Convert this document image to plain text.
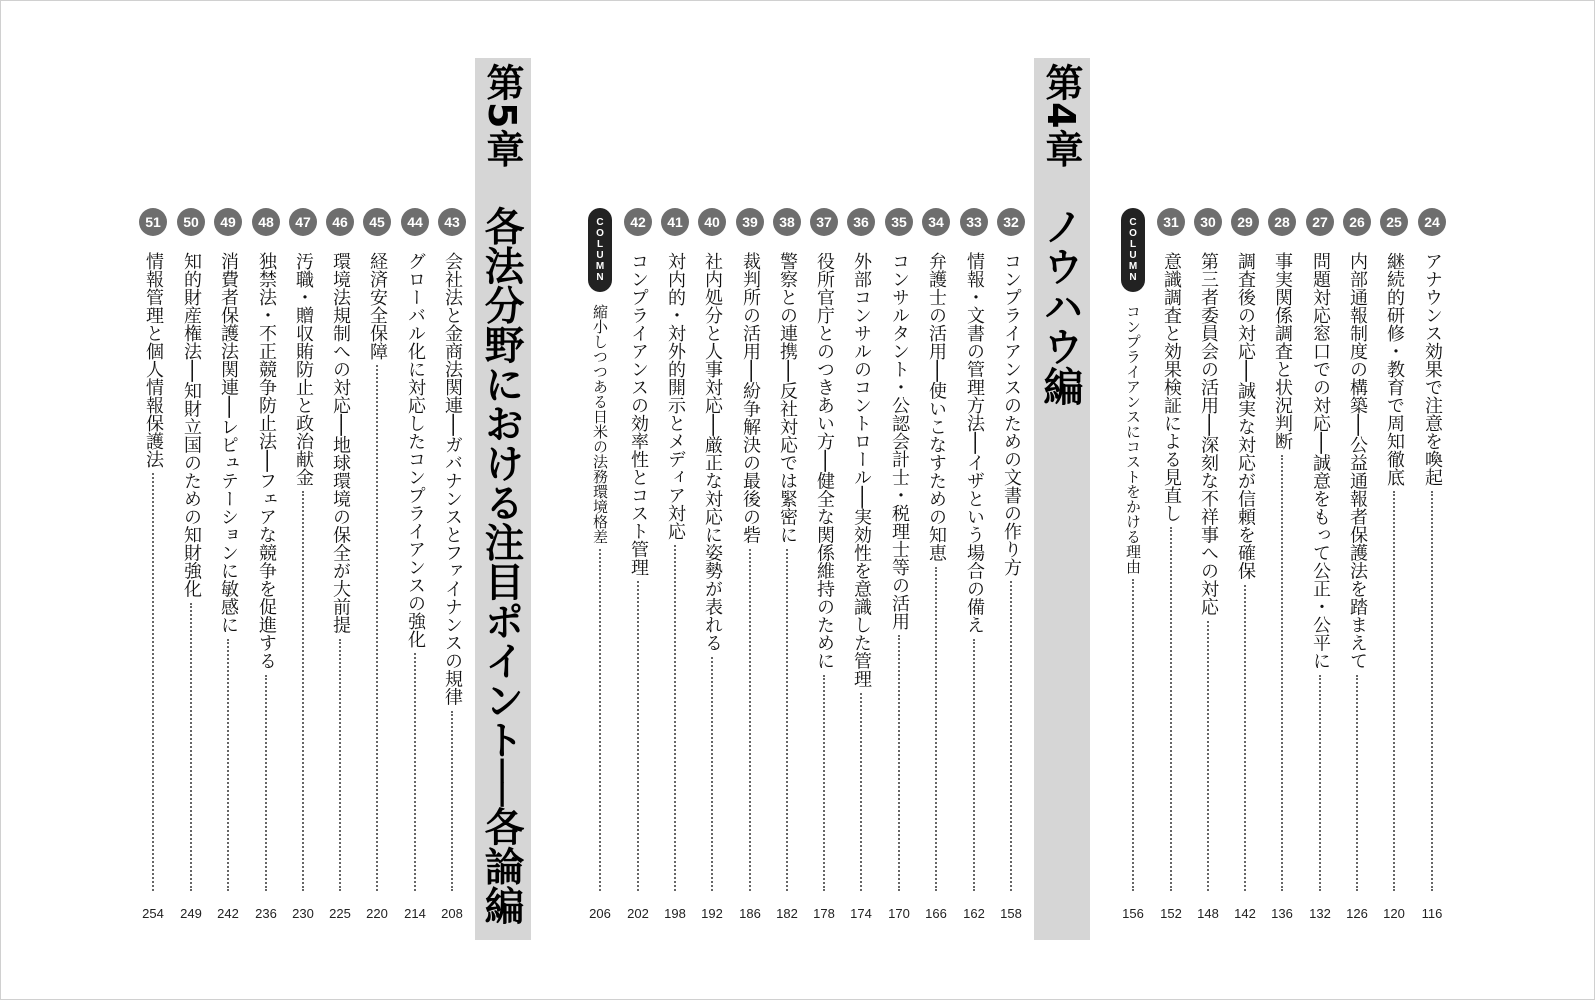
第4章
ノウハウ編
第5章
各法分野における注目ポイント──各論編	24
アナウンス効果で注意を喚起
116
25
継続的研修・教育で周知徹底
120
26
内部通報制度の構築──公益通報者保護法を踏まえて
126
27
問題対応窓口での対応──誠意をもって公正・公平に
132
28
事実関係調査と状況判断
136
29
調査後の対応──誠実な対応が信頼を確保
142
30
第三者委員会の活用──深刻な不祥事への対応
148
31
意識調査と効果検証による見直し
152
COLUMN
コンプライアンスにコストをかける理由
156
32
コンプライアンスのための文書の作り方
158
33
情報・文書の管理方法──イザという場合の備え
162
34
弁護士の活用──使いこなすための知恵
166
35
コンサルタント・公認会計士・税理士等の活用
170
36
外部コンサルのコントロール──実効性を意識した管理
174
37
役所官庁とのつきあい方──健全な関係維持のために
178
38
警察との連携──反社対応では緊密に
182
39
裁判所の活用──紛争解決の最後の砦
186
40
社内処分と人事対応──厳正な対応に姿勢が表れる
192
41
対内的・対外的開示とメディア対応
198
42
コンプライアンスの効率性とコスト管理
202
COLUMN
縮小しつつある日米の法務環境格差
206
43
会社法と金商法関連──ガバナンスとファイナンスの規律
208
44
グローバル化に対応したコンプライアンスの強化
214
45
経済安全保障
220
46
環境法規制への対応──地球環境の保全が大前提
225
47
汚職・贈収賄防止と政治献金
230
48
独禁法・不正競争防止法──フェアな競争を促進する
236
49
消費者保護法関連──レピュテーションに敏感に
242
50
知的財産権法──知財立国のための知財強化
249
51
情報管理と個人情報保護法
254
